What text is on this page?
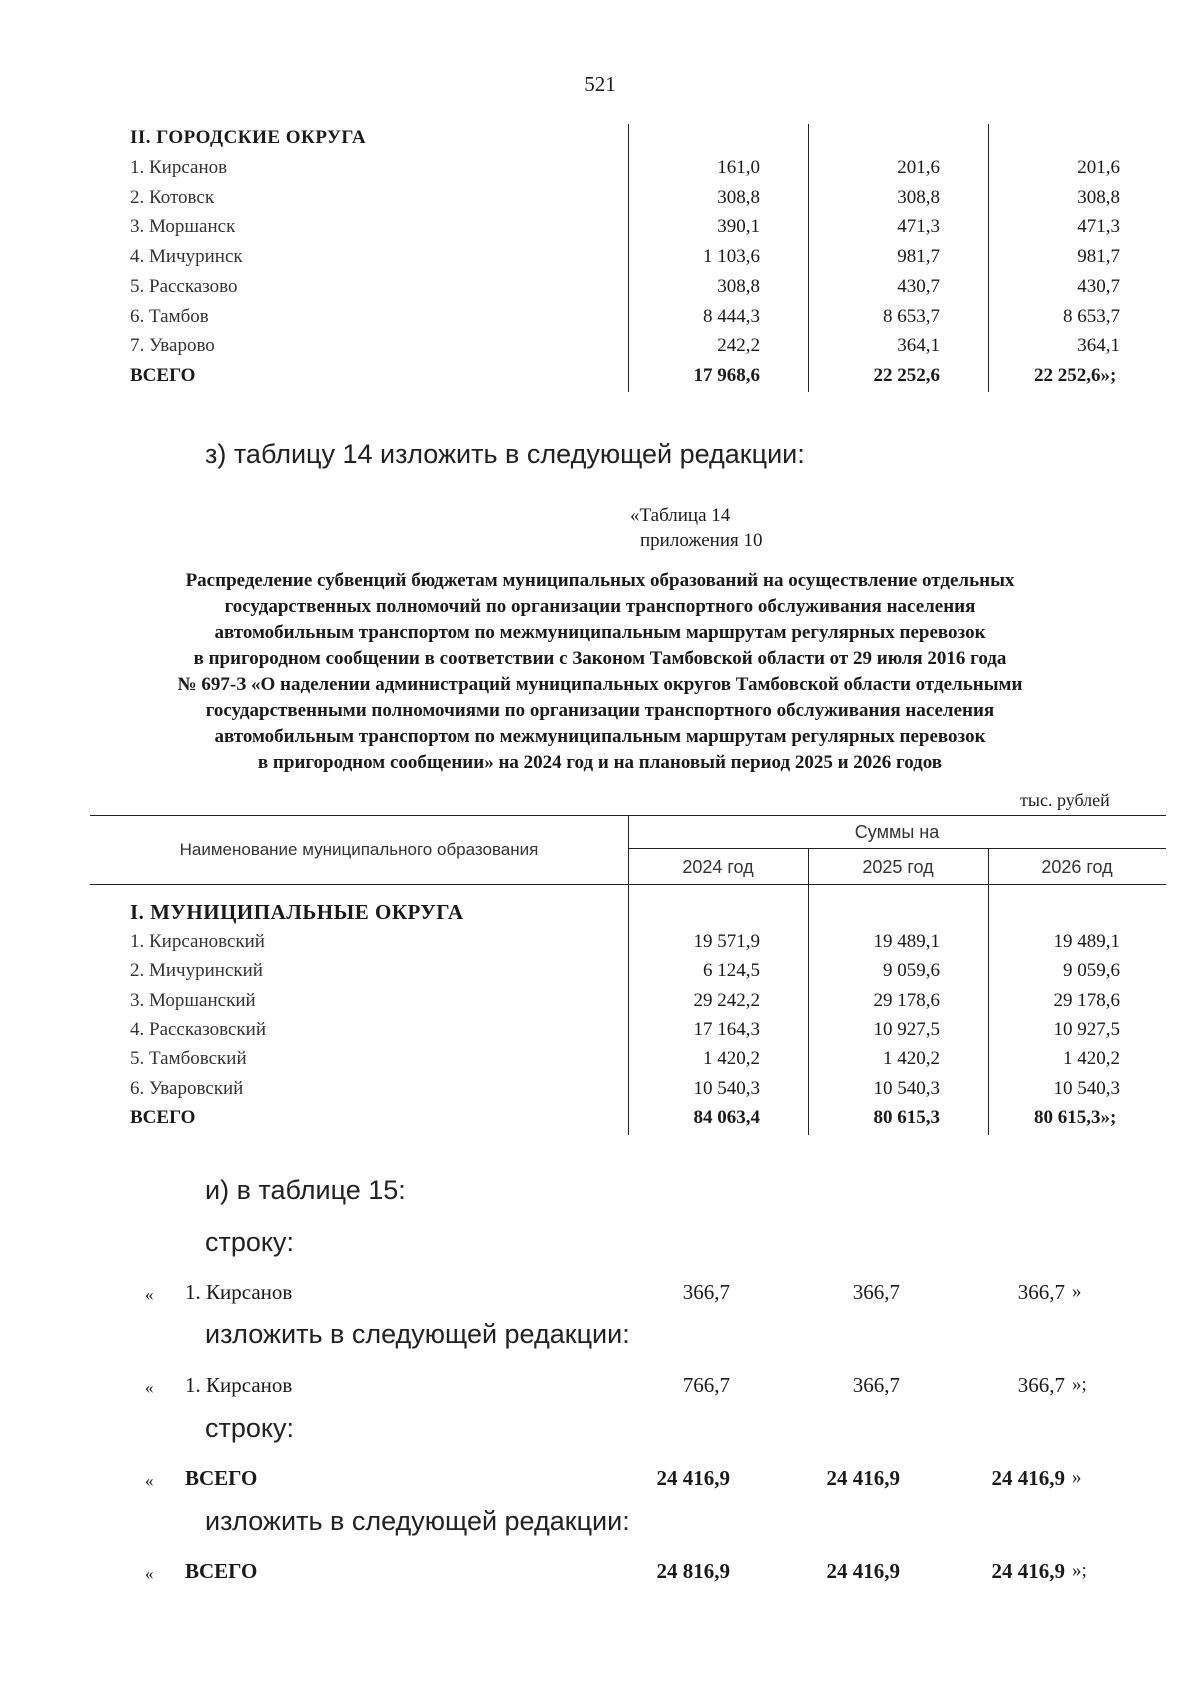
521
II. ГОРОДСКИЕ ОКРУГА
1. Кирсанов	161,0	201,6	201,6
2. Котовск	308,8	308,8	308,8
3. Моршанск	390,1	471,3	471,3
4. Мичуринск	1 103,6	981,7	981,7
5. Рассказово	308,8	430,7	430,7
6. Тамбов	8 444,3	8 653,7	8 653,7
7. Уварово	242,2	364,1	364,1
ВСЕГО	17 968,6	22 252,6	22 252,6»;
з) таблицу 14 изложить в следующей редакции:
«Таблица 14
приложения 10
Распределение субвенций бюджетам муниципальных образований на осуществление отдельных
государственных полномочий по организации транспортного обслуживания населения
автомобильным транспортом по межмуниципальным маршрутам регулярных перевозок
в пригородном сообщении в соответствии с Законом Тамбовской области от 29 июля 2016 года
№ 697-З «О наделении администраций муниципальных округов Тамбовской области отдельными
государственными полномочиями по организации транспортного обслуживания населения
автомобильным транспортом по межмуниципальным маршрутам регулярных перевозок
в пригородном сообщении» на 2024 год и на плановый период 2025 и 2026 годов
тыс. рублей
Наименование муниципального образования
Суммы на
2024 год	2025 год	2026 год
I. МУНИЦИПАЛЬНЫЕ ОКРУГА
1. Кирсановский	19 571,9	19 489,1	19 489,1
2. Мичуринский	6 124,5	9 059,6	9 059,6
3. Моршанский	29 242,2	29 178,6	29 178,6
4. Рассказовский	17 164,3	10 927,5	10 927,5
5. Тамбовский	1 420,2	1 420,2	1 420,2
6. Уваровский	10 540,3	10 540,3	10 540,3
ВСЕГО	84 063,4	80 615,3	80 615,3»;
и) в таблице 15:
строку:
« 1. Кирсанов	366,7	366,7	366,7 »
изложить в следующей редакции:
« 1. Кирсанов	766,7	366,7	366,7 »;
строку:
« ВСЕГО	24 416,9	24 416,9	24 416,9 »
изложить в следующей редакции:
« ВСЕГО	24 816,9	24 416,9	24 416,9 »;
